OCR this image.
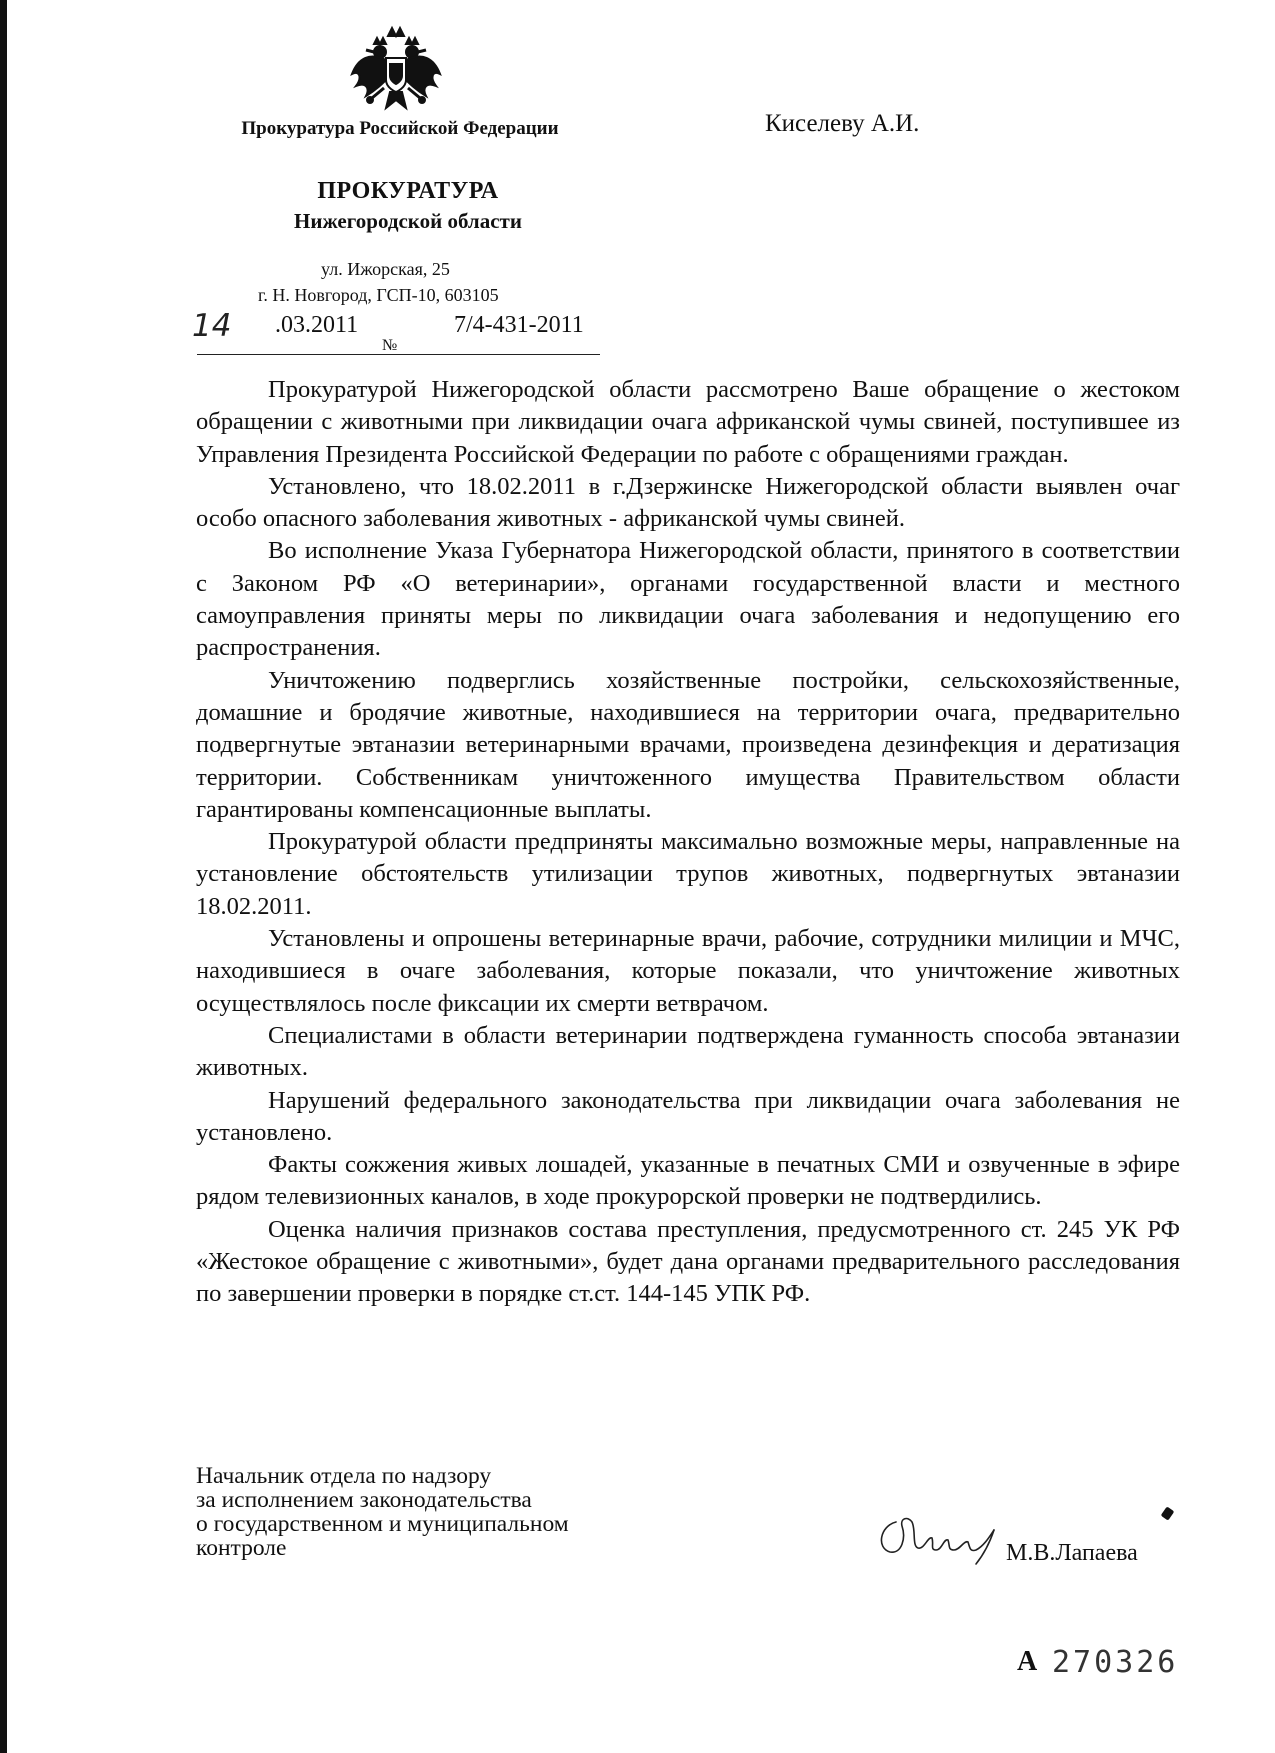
Прокуратура Российской Федерации	Киселеву А.И.
ПРОКУРАТУРА
Нижегородской области
ул. Ижорская, 25
г. Н. Новгород, ГСП-10, 603105
14 .03.2011	7/4-431-2011
№

Прокуратурой Нижегородской области рассмотрено Ваше обращение о жестоком обращении с животными при ликвидации очага африканской чумы свиней, поступившее из Управления Президента Российской Федерации по работе с обращениями граждан.

Установлено, что 18.02.2011 в г.Дзержинске Нижегородской области выявлен очаг особо опасного заболевания животных - африканской чумы свиней.

Во исполнение Указа Губернатора Нижегородской области, принятого в соответствии с Законом РФ «О ветеринарии», органами государственной власти и местного самоуправления приняты меры по ликвидации очага заболевания и недопущению его распространения.

Уничтожению подверглись хозяйственные постройки, сельскохозяйственные, домашние и бродячие животные, находившиеся на территории очага, предварительно подвергнутые эвтаназии ветеринарными врачами, произведена дезинфекция и дератизация территории. Собственникам уничтоженного имущества Правительством области гарантированы компенсационные выплаты.

Прокуратурой области предприняты максимально возможные меры, направленные на установление обстоятельств утилизации трупов животных, подвергнутых эвтаназии 18.02.2011.

Установлены и опрошены ветеринарные врачи, рабочие, сотрудники милиции и МЧС, находившиеся в очаге заболевания, которые показали, что уничтожение животных осуществлялось после фиксации их смерти ветврачом.

Специалистами в области ветеринарии подтверждена гуманность способа эвтаназии животных.

Нарушений федерального законодательства при ликвидации очага заболевания не установлено.

Факты сожжения живых лошадей, указанные в печатных СМИ и озвученные в эфире рядом телевизионных каналов, в ходе прокурорской проверки не подтвердились.

Оценка наличия признаков состава преступления, предусмотренного ст. 245 УК РФ «Жестокое обращение с животными», будет дана органами предварительного расследования по завершении проверки в порядке ст.ст. 144-145 УПК РФ.

Начальник отдела по надзору
за исполнением законодательства
о государственном и муниципальном
контроле	М.В.Лапаева
А 270326
